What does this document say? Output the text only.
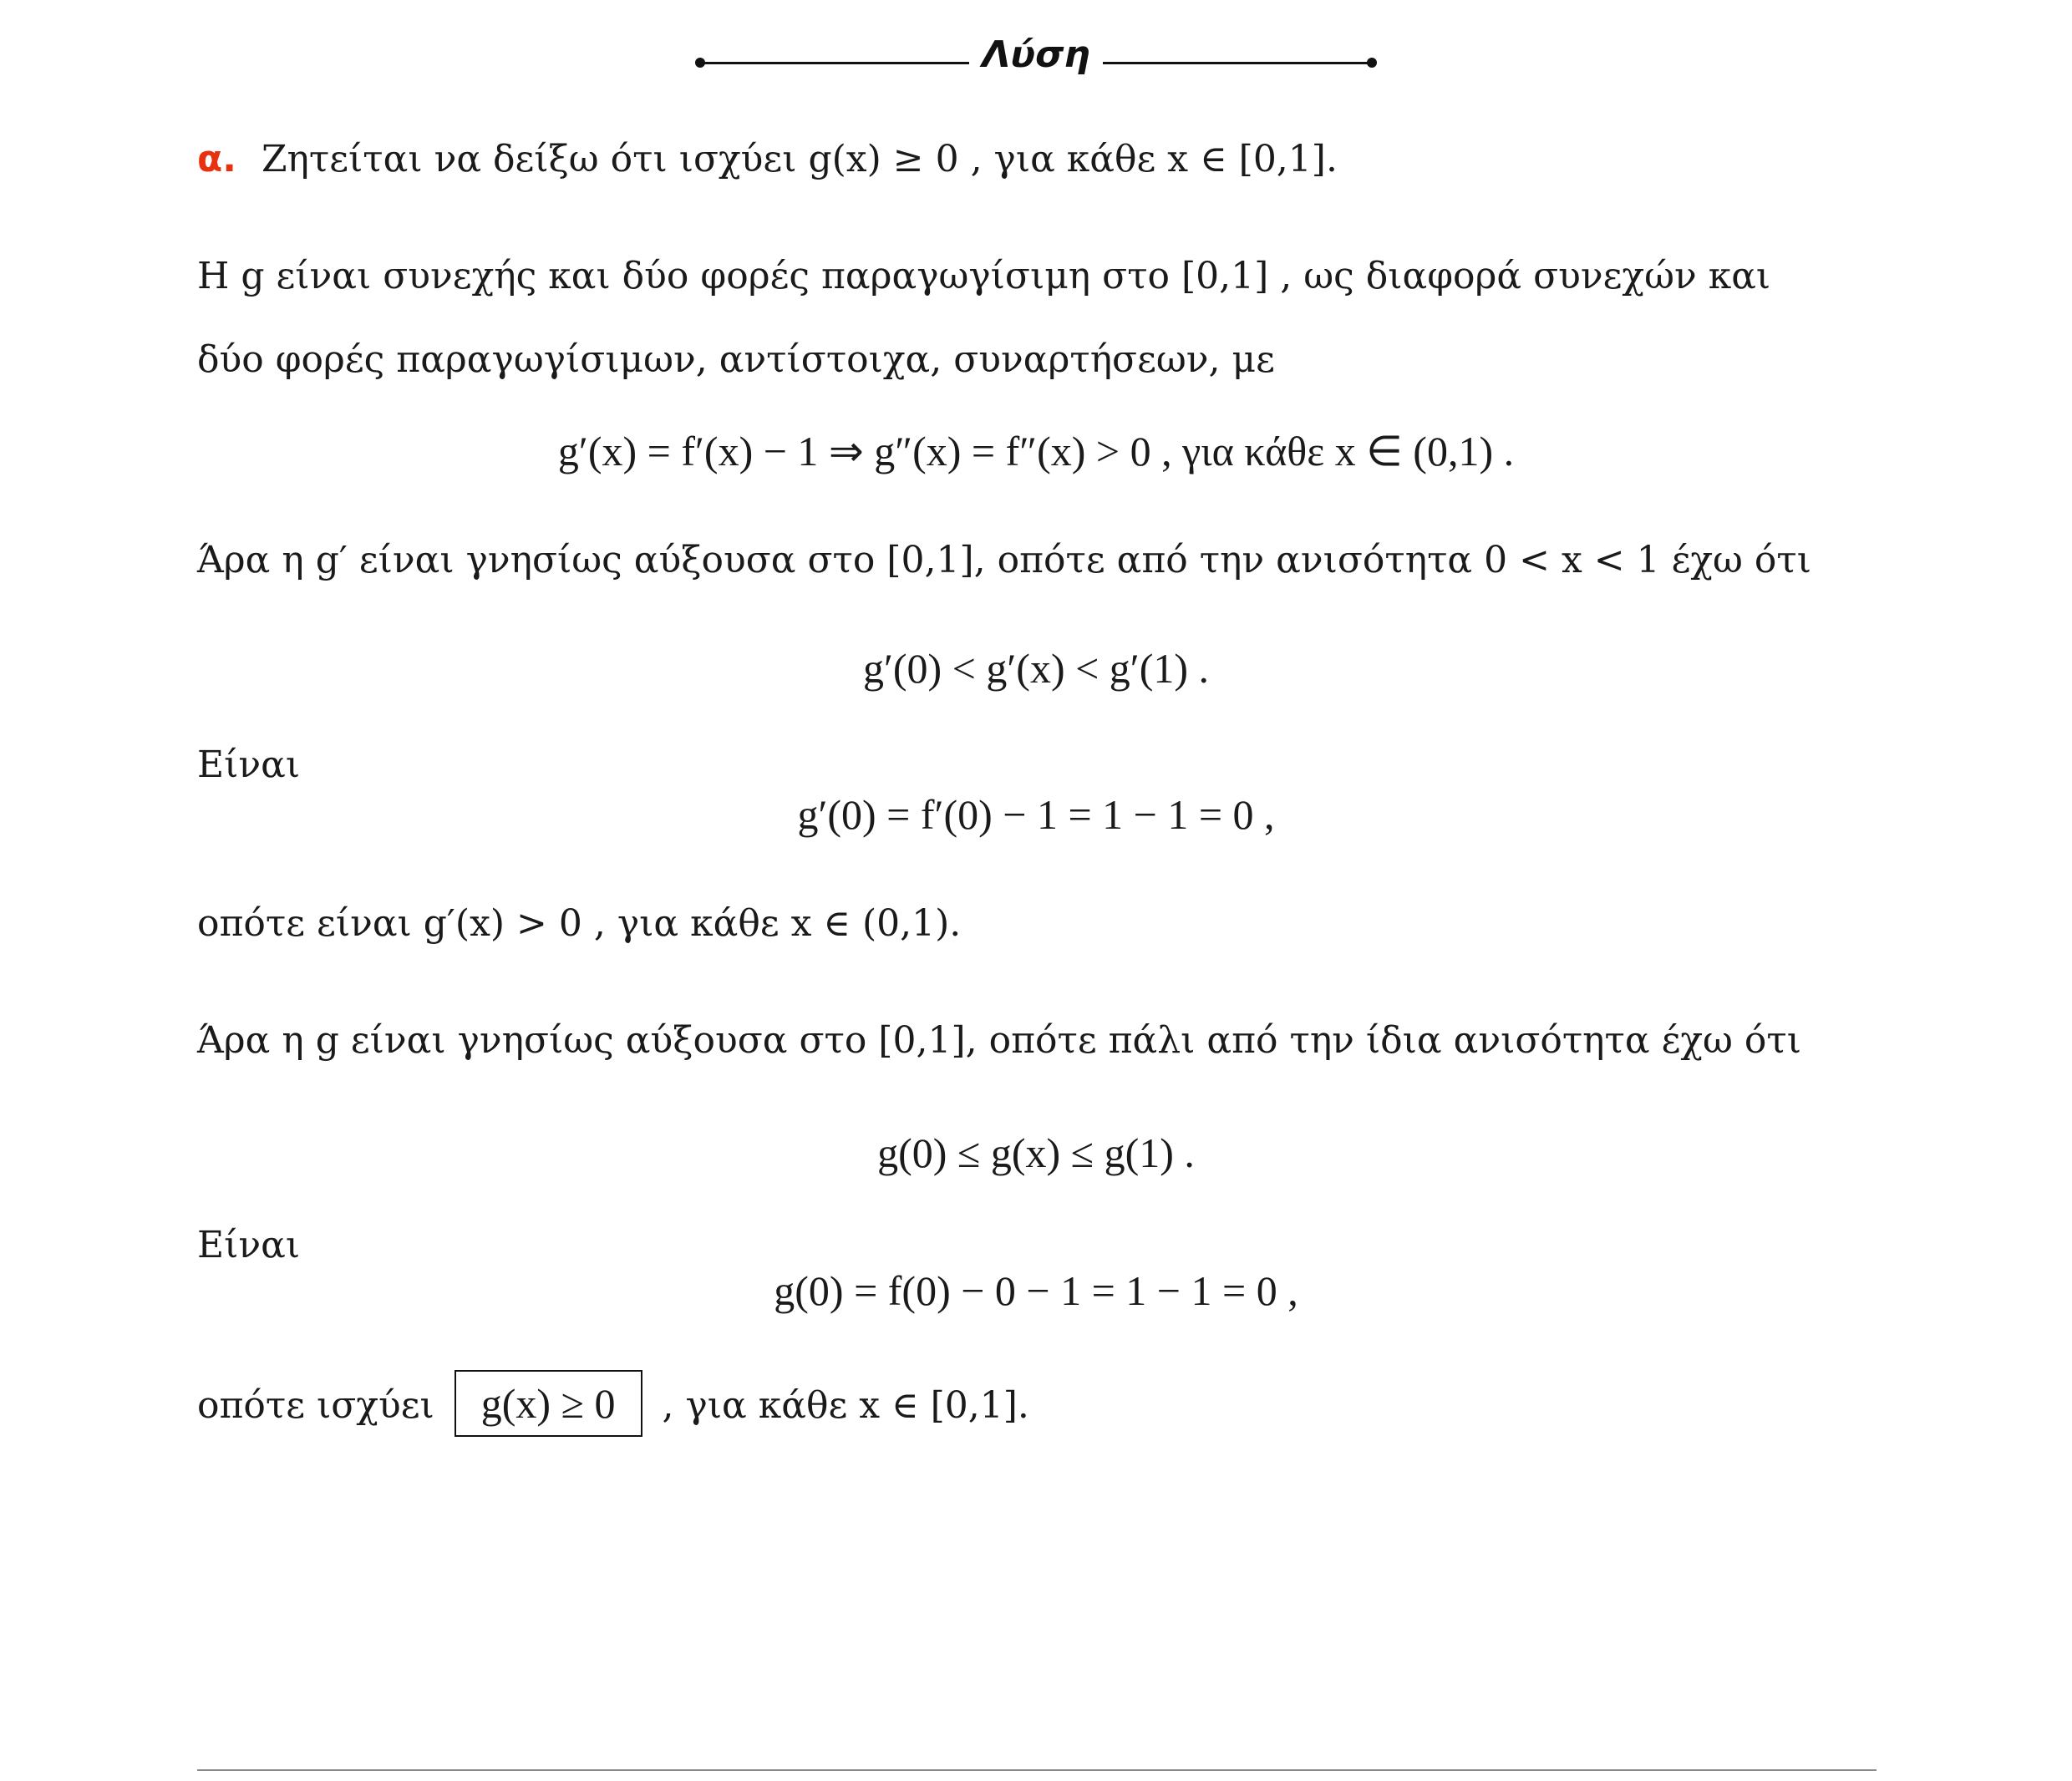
Λύση
α. Ζητείται να δείξω ότι ισχύει g(x) ≥ 0 , για κάθε x ∈ [0,1].
Η g είναι συνεχής και δύο φορές παραγωγίσιμη στο [0,1] , ως διαφορά συνεχών και
δύο φορές παραγωγίσιμων, αντίστοιχα, συναρτήσεων, με
g′(x) = f′(x) − 1 ⇒ g″(x) = f″(x) > 0 , για κάθε x ∈ (0,1) .
Άρα η g′ είναι γνησίως αύξουσα στο [0,1], οπότε από την ανισότητα 0 < x < 1 έχω ότι
g′(0) < g′(x) < g′(1) .
Είναι
g′(0) = f′(0) − 1 = 1 − 1 = 0 ,
οπότε είναι g′(x) > 0 , για κάθε x ∈ (0,1).
Άρα η g είναι γνησίως αύξουσα στο [0,1], οπότε πάλι από την ίδια ανισότητα έχω ότι
g(0) ≤ g(x) ≤ g(1) .
Είναι
g(0) = f(0) − 0 − 1 = 1 − 1 = 0 ,
οπότε ισχύει g(x) ≥ 0 , για κάθε x ∈ [0,1].
